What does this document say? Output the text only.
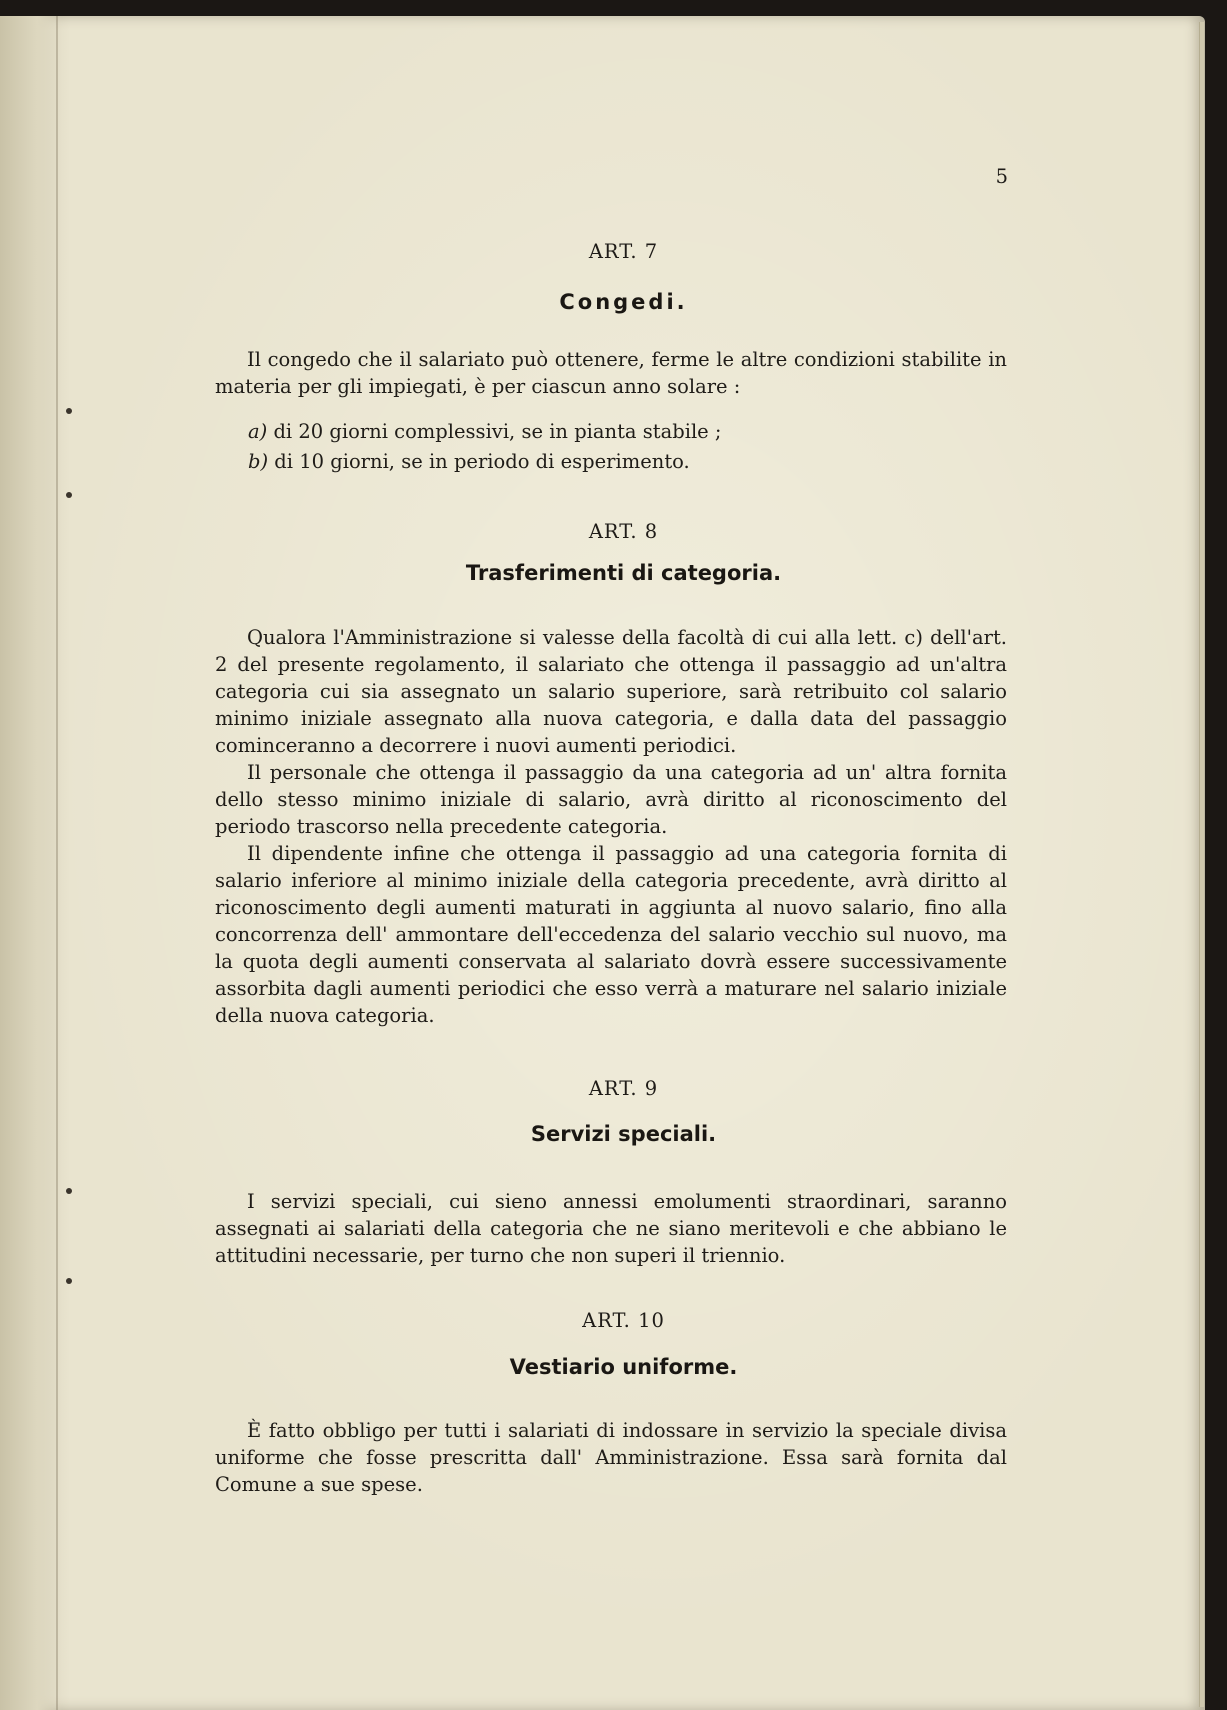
5
ART. 7
Congedi.

Il congedo che il salariato può ottenere, ferme le altre condizioni stabilite in materia per gli impiegati, è per ciascun anno solare :

a) di 20 giorni complessivi, se in pianta stabile ;
b) di 10 giorni, se in periodo di esperimento.
ART. 8
Trasferimenti di categoria.

Qualora l'Amministrazione si valesse della facoltà di cui alla lett. c) dell'art. 2 del presente regolamento, il salariato che ottenga il passaggio ad un'altra categoria cui sia assegnato un salario superiore, sarà retribuito col salario minimo iniziale assegnato alla nuova categoria, e dalla data del passaggio cominceranno a decorrere i nuovi aumenti periodici.

Il personale che ottenga il passaggio da una categoria ad un' altra fornita dello stesso minimo iniziale di salario, avrà diritto al riconoscimento del periodo trascorso nella precedente categoria.

Il dipendente infine che ottenga il passaggio ad una categoria fornita di salario inferiore al minimo iniziale della categoria precedente, avrà diritto al riconoscimento degli aumenti maturati in aggiunta al nuovo salario, fino alla concorrenza dell' ammontare dell'eccedenza del salario vecchio sul nuovo, ma la quota degli aumenti conservata al salariato dovrà essere successivamente assorbita dagli aumenti periodici che esso verrà a maturare nel salario iniziale della nuova categoria.

ART. 9
Servizi speciali.

I servizi speciali, cui sieno annessi emolumenti straordinari, saranno assegnati ai salariati della categoria che ne siano meritevoli e che abbiano le attitudini necessarie, per turno che non superi il triennio.

ART. 10
Vestiario uniforme.

È fatto obbligo per tutti i salariati di indossare in servizio la speciale divisa uniforme che fosse prescritta dall' Amministrazione. Essa sarà fornita dal Comune a sue spese.
